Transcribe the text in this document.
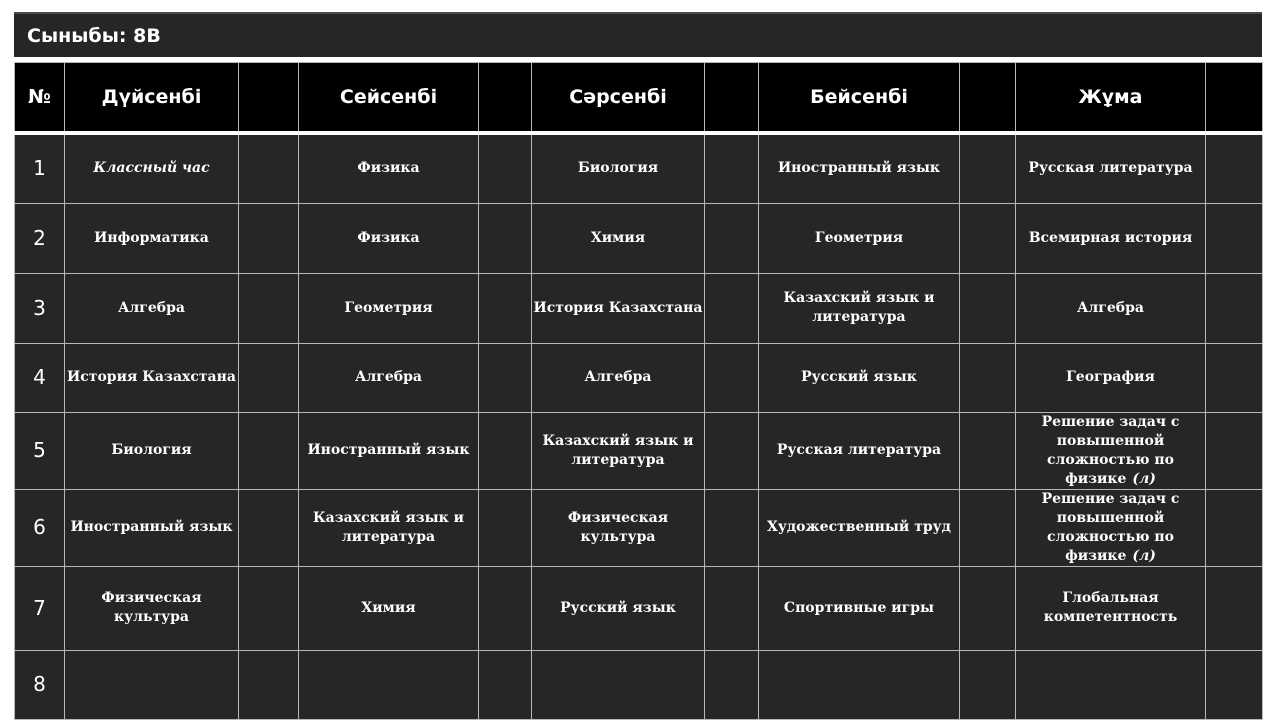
Сыныбы: 8В
№	Дүйсенбі		Сейсенбі		Сәрсенбі		Бейсенбі		Жұма	
1	Классный час		Физика		Биология		Иностранный язык		Русская литература	
2	Информатика		Физика		Химия		Геометрия		Всемирная история	
3	Алгебра		Геометрия		История Казахстана		Казахский язык и литература		Алгебра	
4	История Казахстана		Алгебра		Алгебра		Русский язык		География	
5	Биология		Иностранный язык		Казахский язык и литература		Русская литература		Решение задач с повышенной сложностью по физике (л)	
6	Иностранный язык		Казахский язык и литература		Физическая культура		Художественный труд		Решение задач с повышенной сложностью по физике (л)	
7	Физическая культура		Химия		Русский язык		Спортивные игры		Глобальная компетентность	
8										
